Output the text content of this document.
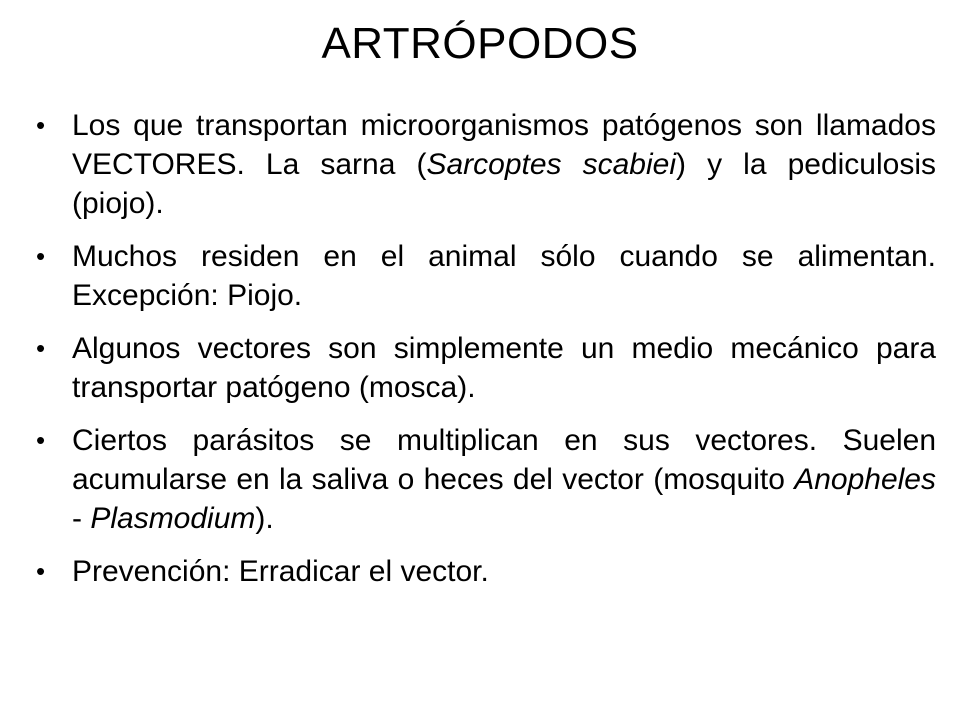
ARTRÓPODOS
• Los que transportan microorganismos patógenos son llamados VECTORES. La sarna (Sarcoptes scabiei) y la pediculosis (piojo).
• Muchos residen en el animal sólo cuando se alimentan. Excepción: Piojo.
• Algunos vectores son simplemente un medio mecánico para transportar patógeno (mosca).
• Ciertos parásitos se multiplican en sus vectores. Suelen acumularse en la saliva o heces del vector (mosquito Anopheles - Plasmodium).
• Prevención: Erradicar el vector.
